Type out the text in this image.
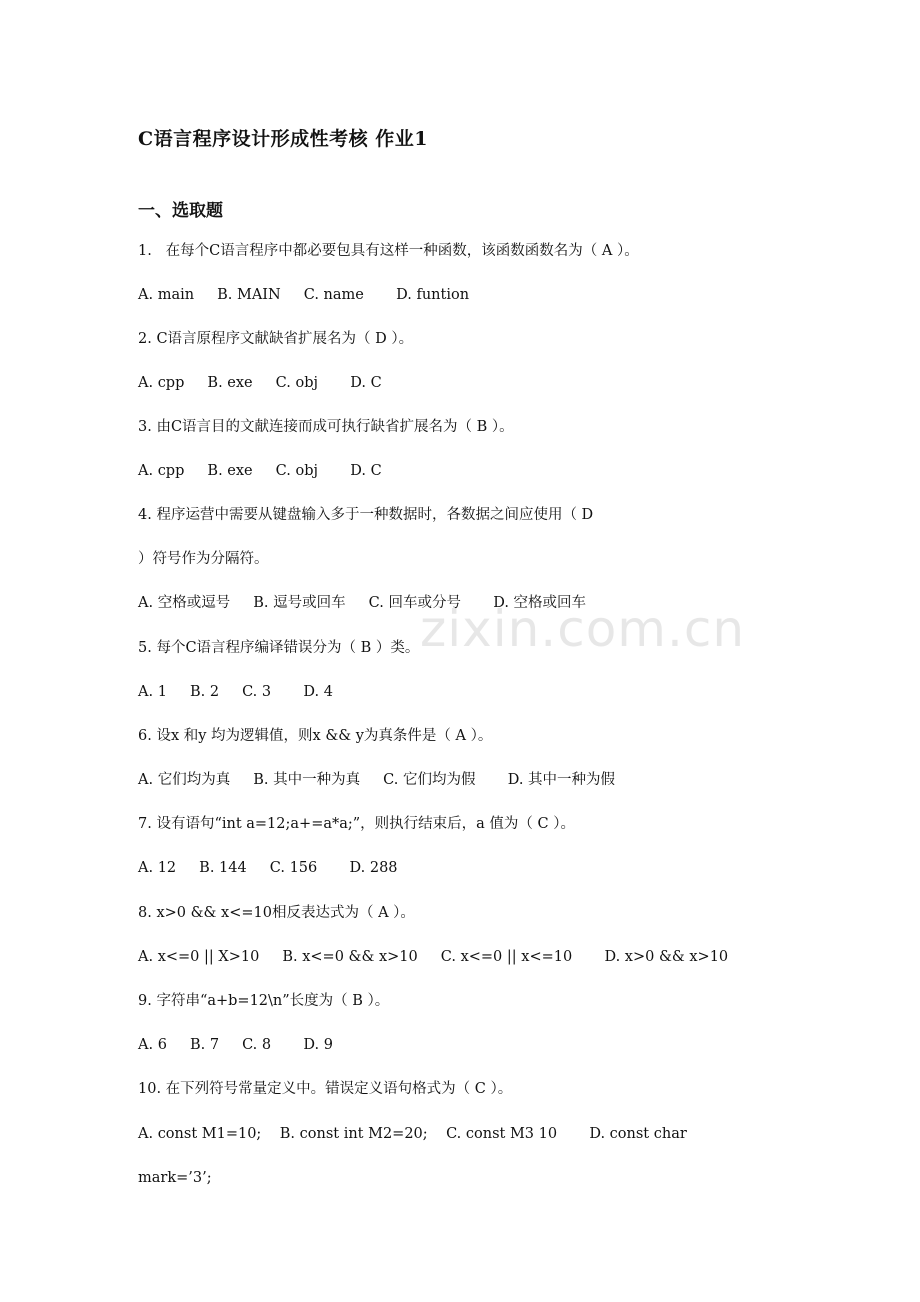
C语言程序设计形成性考核 作业1
一、选取题
1.   在每个C语言程序中都必要包具有这样一种函数，该函数函数名为（ A ）。
A. main     B. MAIN     C. name       D. funtion
2. C语言原程序文献缺省扩展名为（ D ）。
A. cpp     B. exe     C. obj       D. C
3. 由C语言目的文献连接而成可执行缺省扩展名为（ B ）。
A. cpp     B. exe     C. obj       D. C
4. 程序运营中需要从键盘输入多于一种数据时，各数据之间应使用（ D
）符号作为分隔符。
A. 空格或逗号     B. 逗号或回车     C. 回车或分号       D. 空格或回车
5. 每个C语言程序编译错误分为（ B ）类。
A. 1     B. 2     C. 3       D. 4
6. 设x 和y 均为逻辑值，则x && y为真条件是（ A ）。
A. 它们均为真     B. 其中一种为真     C. 它们均为假       D. 其中一种为假
7. 设有语句“int a=12;a+=a*a;”，则执行结束后，a 值为（ C ）。
A. 12     B. 144     C. 156       D. 288
8. x>0 && x<=10相反表达式为（ A ）。
A. x<=0 || X>10     B. x<=0 && x>10     C. x<=0 || x<=10       D. x>0 && x>10
9. 字符串“a+b=12\n”长度为（ B ）。
A. 6     B. 7     C. 8       D. 9
10. 在下列符号常量定义中。错误定义语句格式为（ C ）。
A. const M1=10;    B. const int M2=20;    C. const M3 10       D. const char
mark=’3’;
zixin.com.cn
